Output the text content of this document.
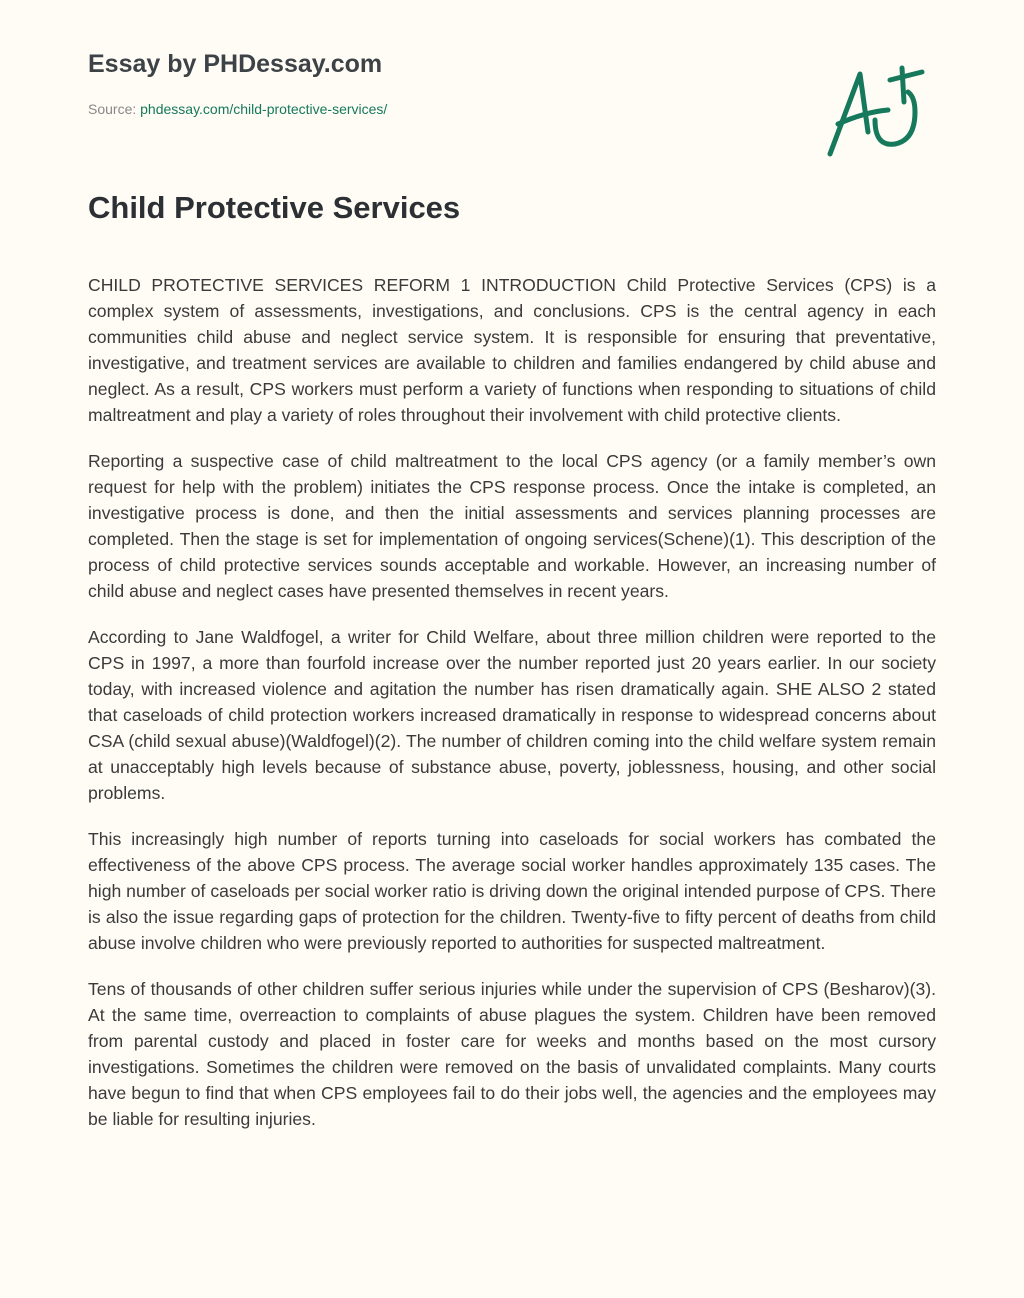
Essay by PHDessay.com
Source: phdessay.com/child-protective-services/
Child Protective Services

CHILD PROTECTIVE SERVICES REFORM 1 INTRODUCTION Child Protective Services (CPS) is a complex system of assessments, investigations, and conclusions. CPS is the central agency in each communities child abuse and neglect service system. It is responsible for ensuring that preventative, investigative, and treatment services are available to children and families endangered by child abuse and neglect. As a result, CPS workers must perform a variety of functions when responding to situations of child maltreatment and play a variety of roles throughout their involvement with child protective clients.

Reporting a suspective case of child maltreatment to the local CPS agency (or a family member’s own request for help with the problem) initiates the CPS response process. Once the intake is completed, an investigative process is done, and then the initial assessments and services planning processes are completed. Then the stage is set for implementation of ongoing services(Schene)(1). This description of the process of child protective services sounds acceptable and workable. However, an increasing number of child abuse and neglect cases have presented themselves in recent years.

According to Jane Waldfogel, a writer for Child Welfare, about three million children were reported to the CPS in 1997, a more than fourfold increase over the number reported just 20 years earlier. In our society today, with increased violence and agitation the number has risen dramatically again. SHE ALSO 2 stated that caseloads of child protection workers increased dramatically in response to widespread concerns about CSA (child sexual abuse)(Waldfogel)(2). The number of children coming into the child welfare system remain at unacceptably high levels because of substance abuse, poverty, joblessness, housing, and other social problems.

This increasingly high number of reports turning into caseloads for social workers has combated the effectiveness of the above CPS process. The average social worker handles approximately 135 cases. The high number of caseloads per social worker ratio is driving down the original intended purpose of CPS. There is also the issue regarding gaps of protection for the children. Twenty-five to fifty percent of deaths from child abuse involve children who were previously reported to authorities for suspected maltreatment.

Tens of thousands of other children suffer serious injuries while under the supervision of CPS (Besharov)(3). At the same time, overreaction to complaints of abuse plagues the system. Children have been removed from parental custody and placed in foster care for weeks and months based on the most cursory investigations. Sometimes the children were removed on the basis of unvalidated complaints. Many courts have begun to find that when CPS employees fail to do their jobs well, the agencies and the employees may be liable for resulting injuries.
